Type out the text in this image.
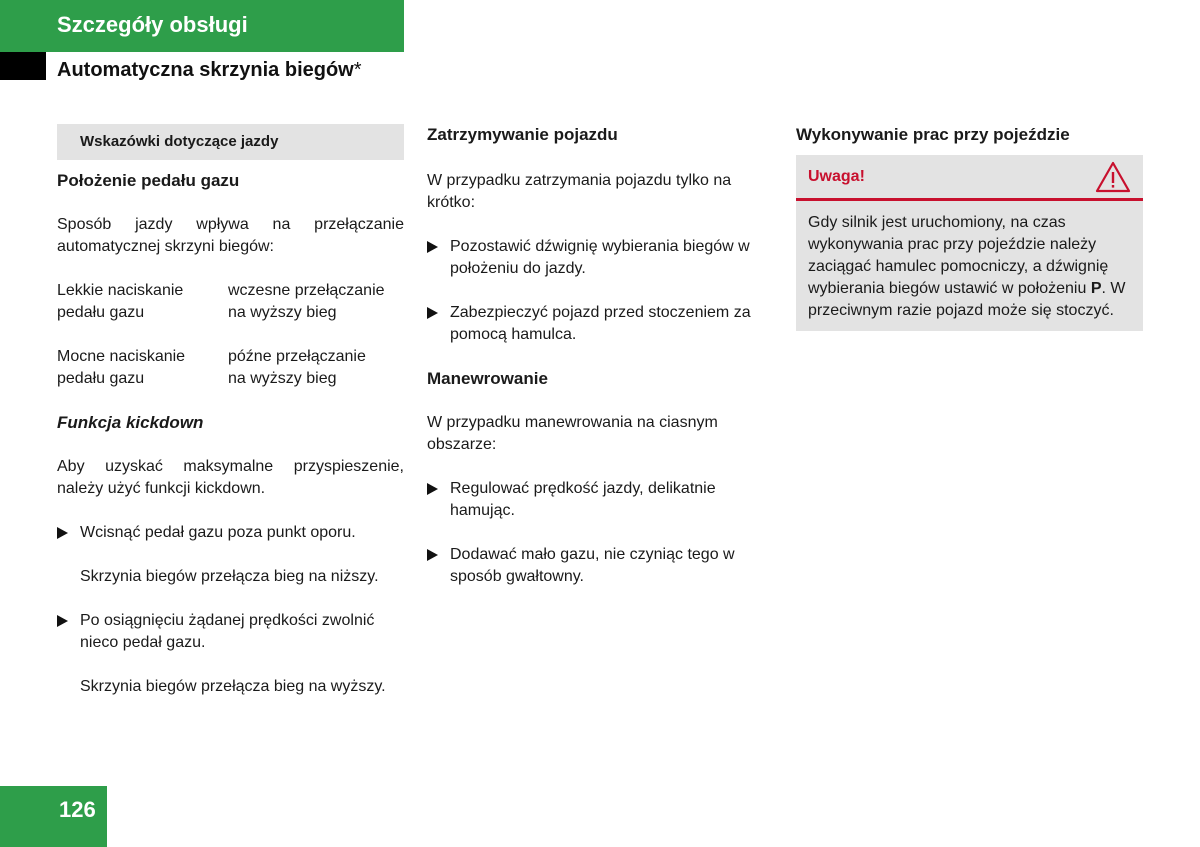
Szczegóły obsługi
Automatyczna skrzynia biegów*
Wskazówki dotyczące jazdy

Położenie pedału gazu

Sposób jazdy wpływa na przełączanie automatycznej skrzyni biegów:

Lekkie naciskanie
pedału gazu
wczesne przełączanie
na wyższy bieg
Mocne naciskanie
pedału gazu
późne przełączanie
na wyższy bieg

Funkcja kickdown

Aby uzyskać maksymalne przyspieszenie, należy użyć funkcji kickdown.

Wcisnąć pedał gazu poza punkt oporu.

Skrzynia biegów przełącza bieg na niższy.

Po osiągnięciu żądanej prędkości zwolnić nieco pedał gazu.

Skrzynia biegów przełącza bieg na wyższy.

Zatrzymywanie pojazdu

W przypadku zatrzymania pojazdu tylko na krótko:

Pozostawić dźwignię wybierania biegów w położeniu do jazdy.
Zabezpieczyć pojazd przed stoczeniem za pomocą hamulca.

Manewrowanie

W przypadku manewrowania na ciasnym obszarze:

Regulować prędkość jazdy, delikatnie hamując.
Dodawać mało gazu, nie czyniąc tego w sposób gwałtowny.

Wykonywanie prac przy pojeździe

Uwaga!
Gdy silnik jest uruchomiony, na czas wykonywania prac przy pojeździe należy zaciągać hamulec pomocniczy, a dźwignię wybierania biegów ustawić w położeniu P. W przeciwnym razie pojazd może się stoczyć.

126
